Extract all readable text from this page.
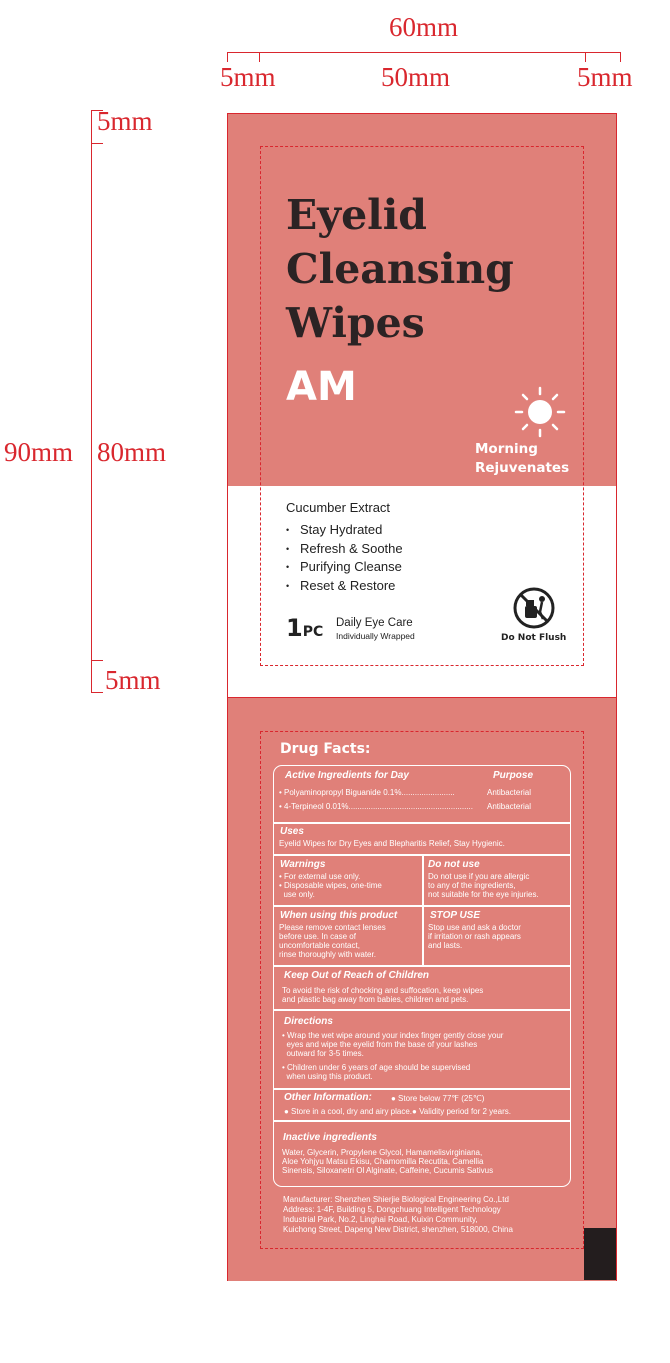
60mm
5mm	50mm	5mm
5mm
90mm 80mm
5mm
Eyelid
Cleansing
Wipes
AM
Morning
Rejuvenates
Cucumber Extract
• Stay Hydrated
• Refresh & Soothe
• Purifying Cleanse
• Reset & Restore
1PC
Daily Eye Care
Individually Wrapped	Do Not Flush
Drug Facts:
Active Ingredients for Day	Purpose
• Polyaminopropyl Biguanide 0.1%........................	Antibacterial
• 4-Terpineol 0.01%........................................................ Antibacterial
Uses
Eyelid Wipes for Dry Eyes and Blepharitis Relief, Stay Hygienic.
Warnings
• For external use only.
• Disposable wipes, one-time
use only.
Do not use
Do not use if you are allergic
to any of the ingredients,
not suitable for the eye injuries.
When using this product
Please remove contact lenses
before use. In case of
uncomfortable contact,
rinse thoroughly with water.
STOP USE
Stop use and ask a doctor
if irritation or rash appears
and lasts.
Keep Out of Reach of Children
To avoid the risk of chocking and suffocation, keep wipes
and plastic bag away from babies, children and pets.
Directions
• Wrap the wet wipe around your index finger gently close your
eyes and wipe the eyelid from the base of your lashes
outward for 3-5 times.
• Children under 6 years of age should be supervised
when using this product.
Other Information: ● Store below 77℉ (25℃)
● Store in a cool, dry and airy place.● Validity period for 2 years.
Inactive ingredients
Water, Glycerin, Propylene Glycol, Hamamelisvirginiana,
Aloe Yohjyu Matsu Ekisu, Chamomilla Recutita, Camellia
Sinensis, Siloxanetri Ol Alginate, Caffeine, Cucumis Sativus
Manufacturer: Shenzhen Shierjie Biological Engineering Co.,Ltd
Address: 1-4F, Building 5, Dongchuang Intelligent Technology
Industrial Park, No.2, Linghai Road, Kuixin Community,
Kuichong Street, Dapeng New District, shenzhen, 518000, China
